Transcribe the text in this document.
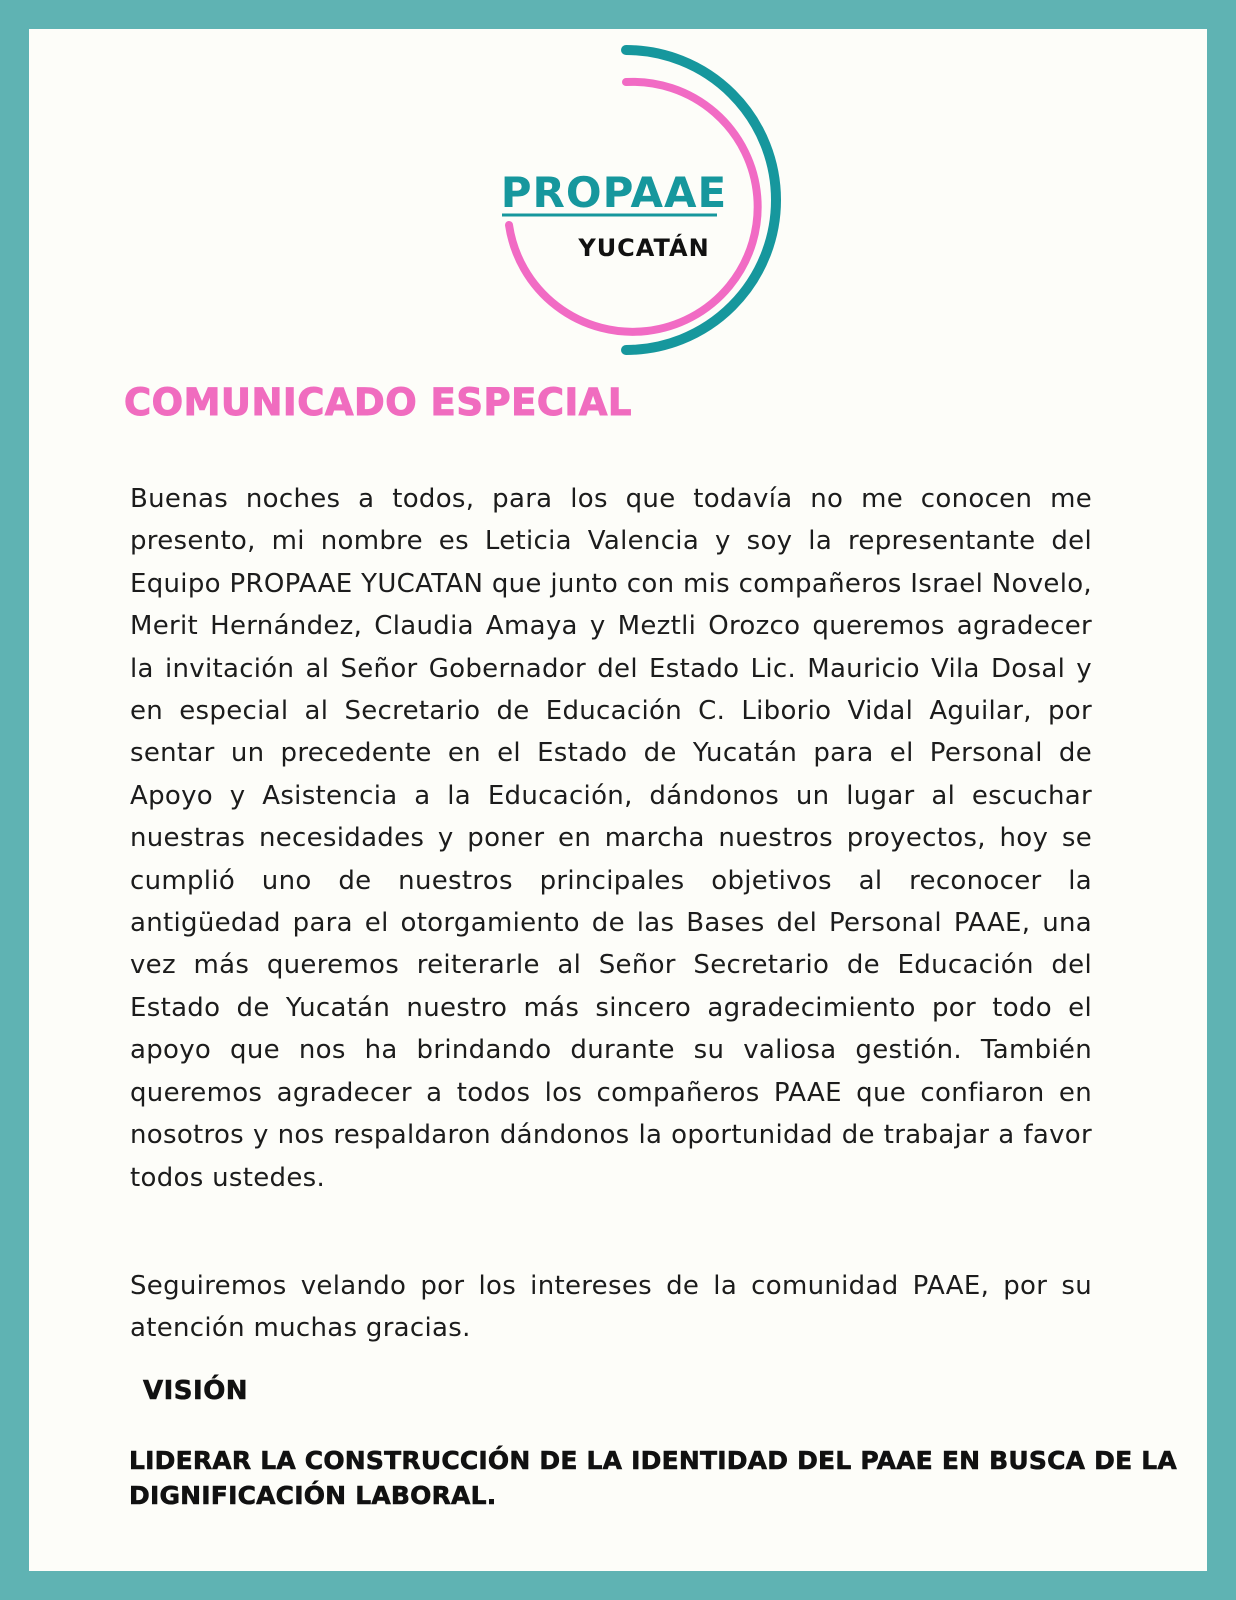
PROPAAE
YUCATÁN
COMUNICADO ESPECIAL

Buenas noches a todos, para los que todavía no me conocen me presento, mi nombre es Leticia Valencia y soy la representante del Equipo PROPAAE YUCATAN que junto con mis compañeros Israel Novelo, Merit Hernández, Claudia Amaya y Meztli Orozco queremos agradecer la invitación al Señor Gobernador del Estado Lic. Mauricio Vila Dosal y en especial al Secretario de Educación C. Liborio Vidal Aguilar, por sentar un precedente en el Estado de Yucatán para el Personal de Apoyo y Asistencia a la Educación, dándonos un lugar al escuchar nuestras necesidades y poner en marcha nuestros proyectos, hoy se cumplió uno de nuestros principales objetivos al reconocer la antigüedad para el otorgamiento de las Bases del Personal PAAE, una vez más queremos reiterarle al Señor Secretario de Educación del Estado de Yucatán nuestro más sincero agradecimiento por todo el apoyo que nos ha brindando durante su valiosa gestión. También queremos agradecer a todos los compañeros PAAE que confiaron en nosotros y nos respaldaron dándonos la oportunidad de trabajar a favor todos ustedes.

Seguiremos velando por los intereses de la comunidad PAAE, por su atención muchas gracias.

VISIÓN

LIDERAR LA CONSTRUCCIÓN DE LA IDENTIDAD DEL PAAE EN BUSCA DE LA DIGNIFICACIÓN LABORAL.
